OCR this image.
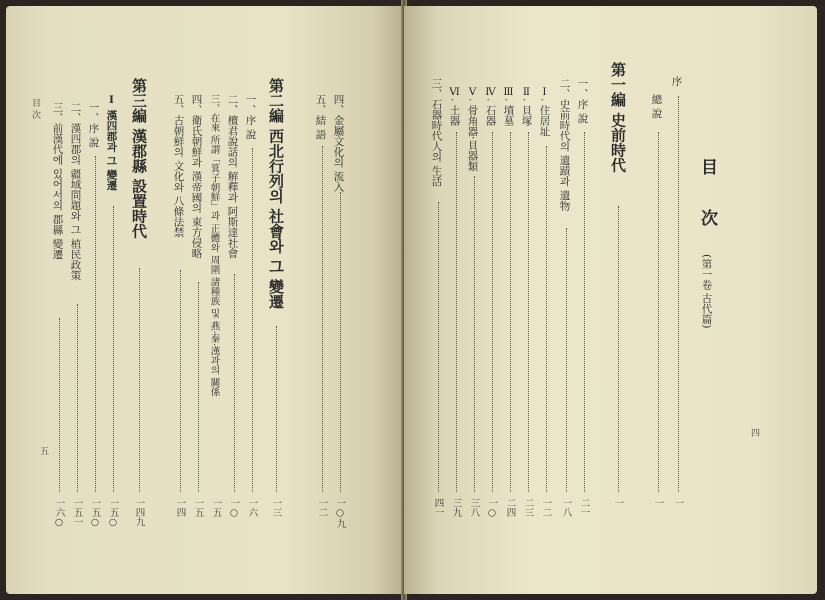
目 次
五
四、金屬文化의 流入
一○九
五、結 語
一二
第二編 西北行列의 社會와 그 變遷
一三
一、序 說
一六
二、檀君說話의 解釋과 阿斯達社會
一○
三、在來 所謂「箕子朝鮮」과 正體와 周圍 諸種族 및 燕·秦·漢과의 關係
一五
四、衛氏朝鮮과 漢帝國의 東方侵略
一五
五、古朝鮮의 文化와 八條法禁
一四
第三編 漢郡縣 設置時代
一四九
Ⅰ 漢四郡과 그 變遷
一五○
一、序 說
一五○
二、漢四郡의 疆域問題와 그 植民政策
一五一
三、前漢代에 있어서의 郡縣 變遷
一六○
四
目 次
(第一卷 古代篇)
序
一
總 說
一
第一編 史前時代
一
一、序 說
二一
二、史前時代의 遺蹟과 遺物
一八
Ⅰ. 住居址
一二
Ⅱ. 貝塚
二三
Ⅲ. 墳墓
二四
Ⅳ. 石器
一○
Ⅴ. 骨角器·貝器類
三八
Ⅵ. 土器
三九
三、石器時代人의 生活
四一
